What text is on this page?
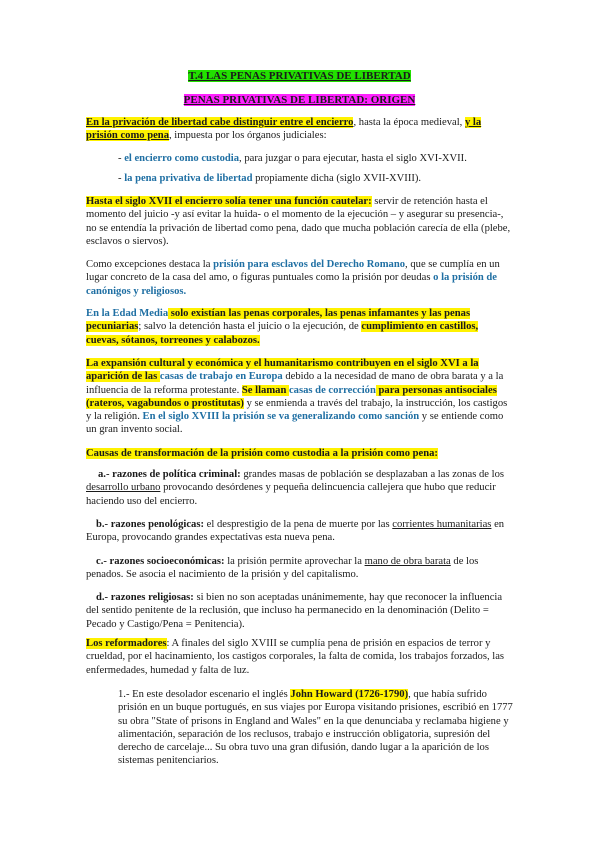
T.4 LAS PENAS PRIVATIVAS DE LIBERTAD

PENAS PRIVATIVAS DE LIBERTAD: ORIGEN

En la privación de libertad cabe distinguir entre el encierro, hasta la época medieval, y la prisión como pena, impuesta por los órganos judiciales:

- el encierro como custodia, para juzgar o para ejecutar, hasta el siglo XVI-XVII.

- la pena privativa de libertad propiamente dicha (siglo XVII-XVIII).

Hasta el siglo XVII el encierro solía tener una función cautelar: servir de retención hasta el momento del juicio -y así evitar la huida- o el momento de la ejecución – y asegurar su presencia-, no se entendía la privación de libertad como pena, dado que mucha población carecía de ella (plebe, esclavos o siervos).

Como excepciones destaca la prisión para esclavos del Derecho Romano, que se cumplía en un lugar concreto de la casa del amo, o figuras puntuales como la prisión por deudas o la prisión de canónigos y religiosos.

En la Edad Media solo existían las penas corporales, las penas infamantes y las penas pecuniarias; salvo la detención hasta el juicio o la ejecución, de cumplimiento en castillos, cuevas, sótanos, torreones y calabozos.

La expansión cultural y económica y el humanitarismo contribuyen en el siglo XVI a la aparición de las casas de trabajo en Europa debido a la necesidad de mano de obra barata y a la influencia de la reforma protestante. Se llaman casas de corrección para personas antisociales (rateros, vagabundos o prostitutas) y se enmienda a través del trabajo, la instrucción, los castigos y la religión. En el siglo XVIII la prisión se va generalizando como sanción y se entiende como un gran invento social.

Causas de transformación de la prisión como custodia a la prisión como pena:

a.- razones de política criminal: grandes masas de población se desplazaban a las zonas de los desarrollo urbano provocando desórdenes y pequeña delincuencia callejera que hubo que reducir haciendo uso del encierro.

b.- razones penológicas: el desprestigio de la pena de muerte por las corrientes humanitarias en Europa, provocando grandes expectativas esta nueva pena.

c.- razones socioeconómicas: la prisión permite aprovechar la mano de obra barata de los penados. Se asocia el nacimiento de la prisión y del capitalismo.

d.- razones religiosas: si bien no son aceptadas unánimemente, hay que reconocer la influencia del sentido penitente de la reclusión, que incluso ha permanecido en la denominación (Delito = Pecado y Castigo/Pena = Penitencia).

Los reformadores: A finales del siglo XVIII se cumplía pena de prisión en espacios de terror y crueldad, por el hacinamiento, los castigos corporales, la falta de comida, los trabajos forzados, las enfermedades, humedad y falta de luz.

1.- En este desolador escenario el inglés John Howard (1726-1790), que había sufrido prisión en un buque portugués, en sus viajes por Europa visitando prisiones, escribió en 1777 su obra "State of prisons in England and Wales" en la que denunciaba y reclamaba higiene y alimentación, separación de los reclusos, trabajo e instrucción obligatoria, supresión del derecho de carcelaje... Su obra tuvo una gran difusión, dando lugar a la aparición de los sistemas penitenciarios.
